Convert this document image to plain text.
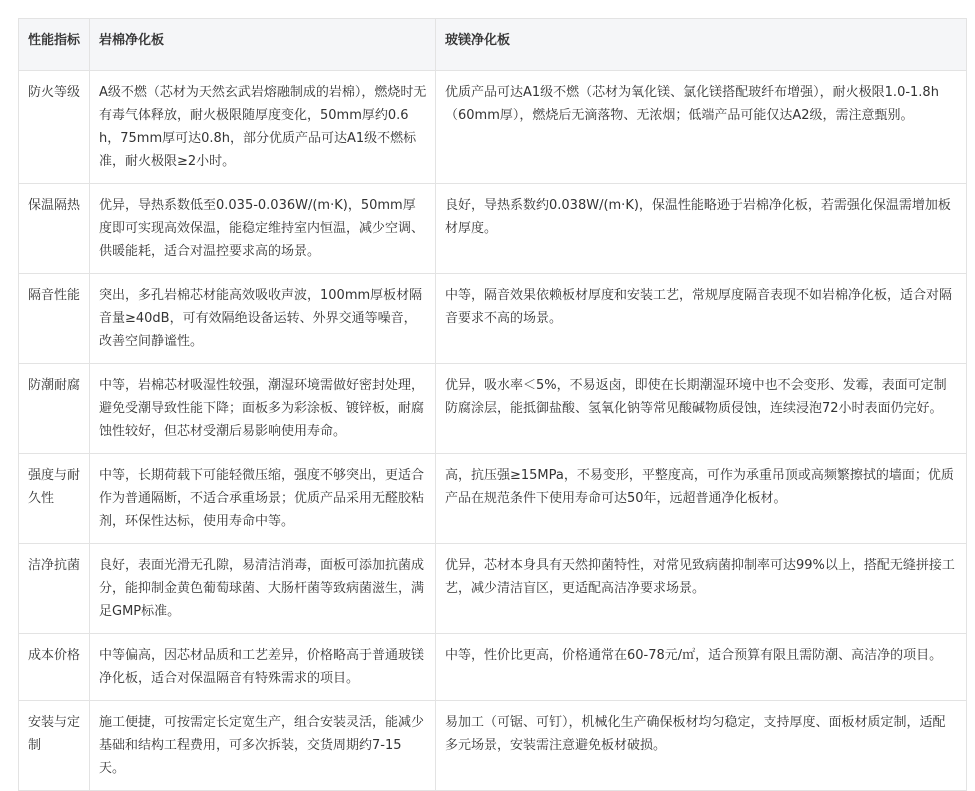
性能指标	岩棉净化板	玻镁净化板
防火等级	A级不燃（芯材为天然玄武岩熔融制成的岩棉），燃烧时无有毒气体释放，耐火极限随厚度变化，50mm厚约0.6h，75mm厚可达0.8h，部分优质产品可达A1级不燃标准，耐火极限≥2小时。	优质产品可达A1级不燃（芯材为氧化镁、氯化镁搭配玻纤布增强），耐火极限1.0-1.8h（60mm厚），燃烧后无滴落物、无浓烟；低端产品可能仅达A2级，需注意甄别。
保温隔热	优异，导热系数低至0.035-0.036W/(m·K)，50mm厚度即可实现高效保温，能稳定维持室内恒温，减少空调、供暖能耗，适合对温控要求高的场景。	良好，导热系数约0.038W/(m·K)，保温性能略逊于岩棉净化板，若需强化保温需增加板材厚度。
隔音性能	突出，多孔岩棉芯材能高效吸收声波，100mm厚板材隔音量≥40dB，可有效隔绝设备运转、外界交通等噪音，改善空间静谧性。	中等，隔音效果依赖板材厚度和安装工艺，常规厚度隔音表现不如岩棉净化板，适合对隔音要求不高的场景。
防潮耐腐	中等，岩棉芯材吸湿性较强，潮湿环境需做好密封处理，避免受潮导致性能下降；面板多为彩涂板、镀锌板，耐腐蚀性较好，但芯材受潮后易影响使用寿命。	优异，吸水率＜5%，不易返卤，即使在长期潮湿环境中也不会变形、发霉，表面可定制防腐涂层，能抵御盐酸、氢氧化钠等常见酸碱物质侵蚀，连续浸泡72小时表面仍完好。
强度与耐久性	中等，长期荷载下可能轻微压缩，强度不够突出，更适合作为普通隔断，不适合承重场景；优质产品采用无醛胶粘剂，环保性达标，使用寿命中等。	高，抗压强≥15MPa，不易变形，平整度高，可作为承重吊顶或高频繁擦拭的墙面；优质产品在规范条件下使用寿命可达50年，远超普通净化板材。
洁净抗菌	良好，表面光滑无孔隙，易清洁消毒，面板可添加抗菌成分，能抑制金黄色葡萄球菌、大肠杆菌等致病菌滋生，满足GMP标准。	优异，芯材本身具有天然抑菌特性，对常见致病菌抑制率可达99%以上，搭配无缝拼接工艺，减少清洁盲区，更适配高洁净要求场景。
成本价格	中等偏高，因芯材品质和工艺差异，价格略高于普通玻镁净化板，适合对保温隔音有特殊需求的项目。	中等，性价比更高，价格通常在60-78元/㎡，适合预算有限且需防潮、高洁净的项目。
安装与定制	施工便捷，可按需定长定宽生产，组合安装灵活，能减少基础和结构工程费用，可多次拆装，交货周期约7-15天。	易加工（可锯、可钉），机械化生产确保板材均匀稳定，支持厚度、面板材质定制，适配多元场景，安装需注意避免板材破损。
